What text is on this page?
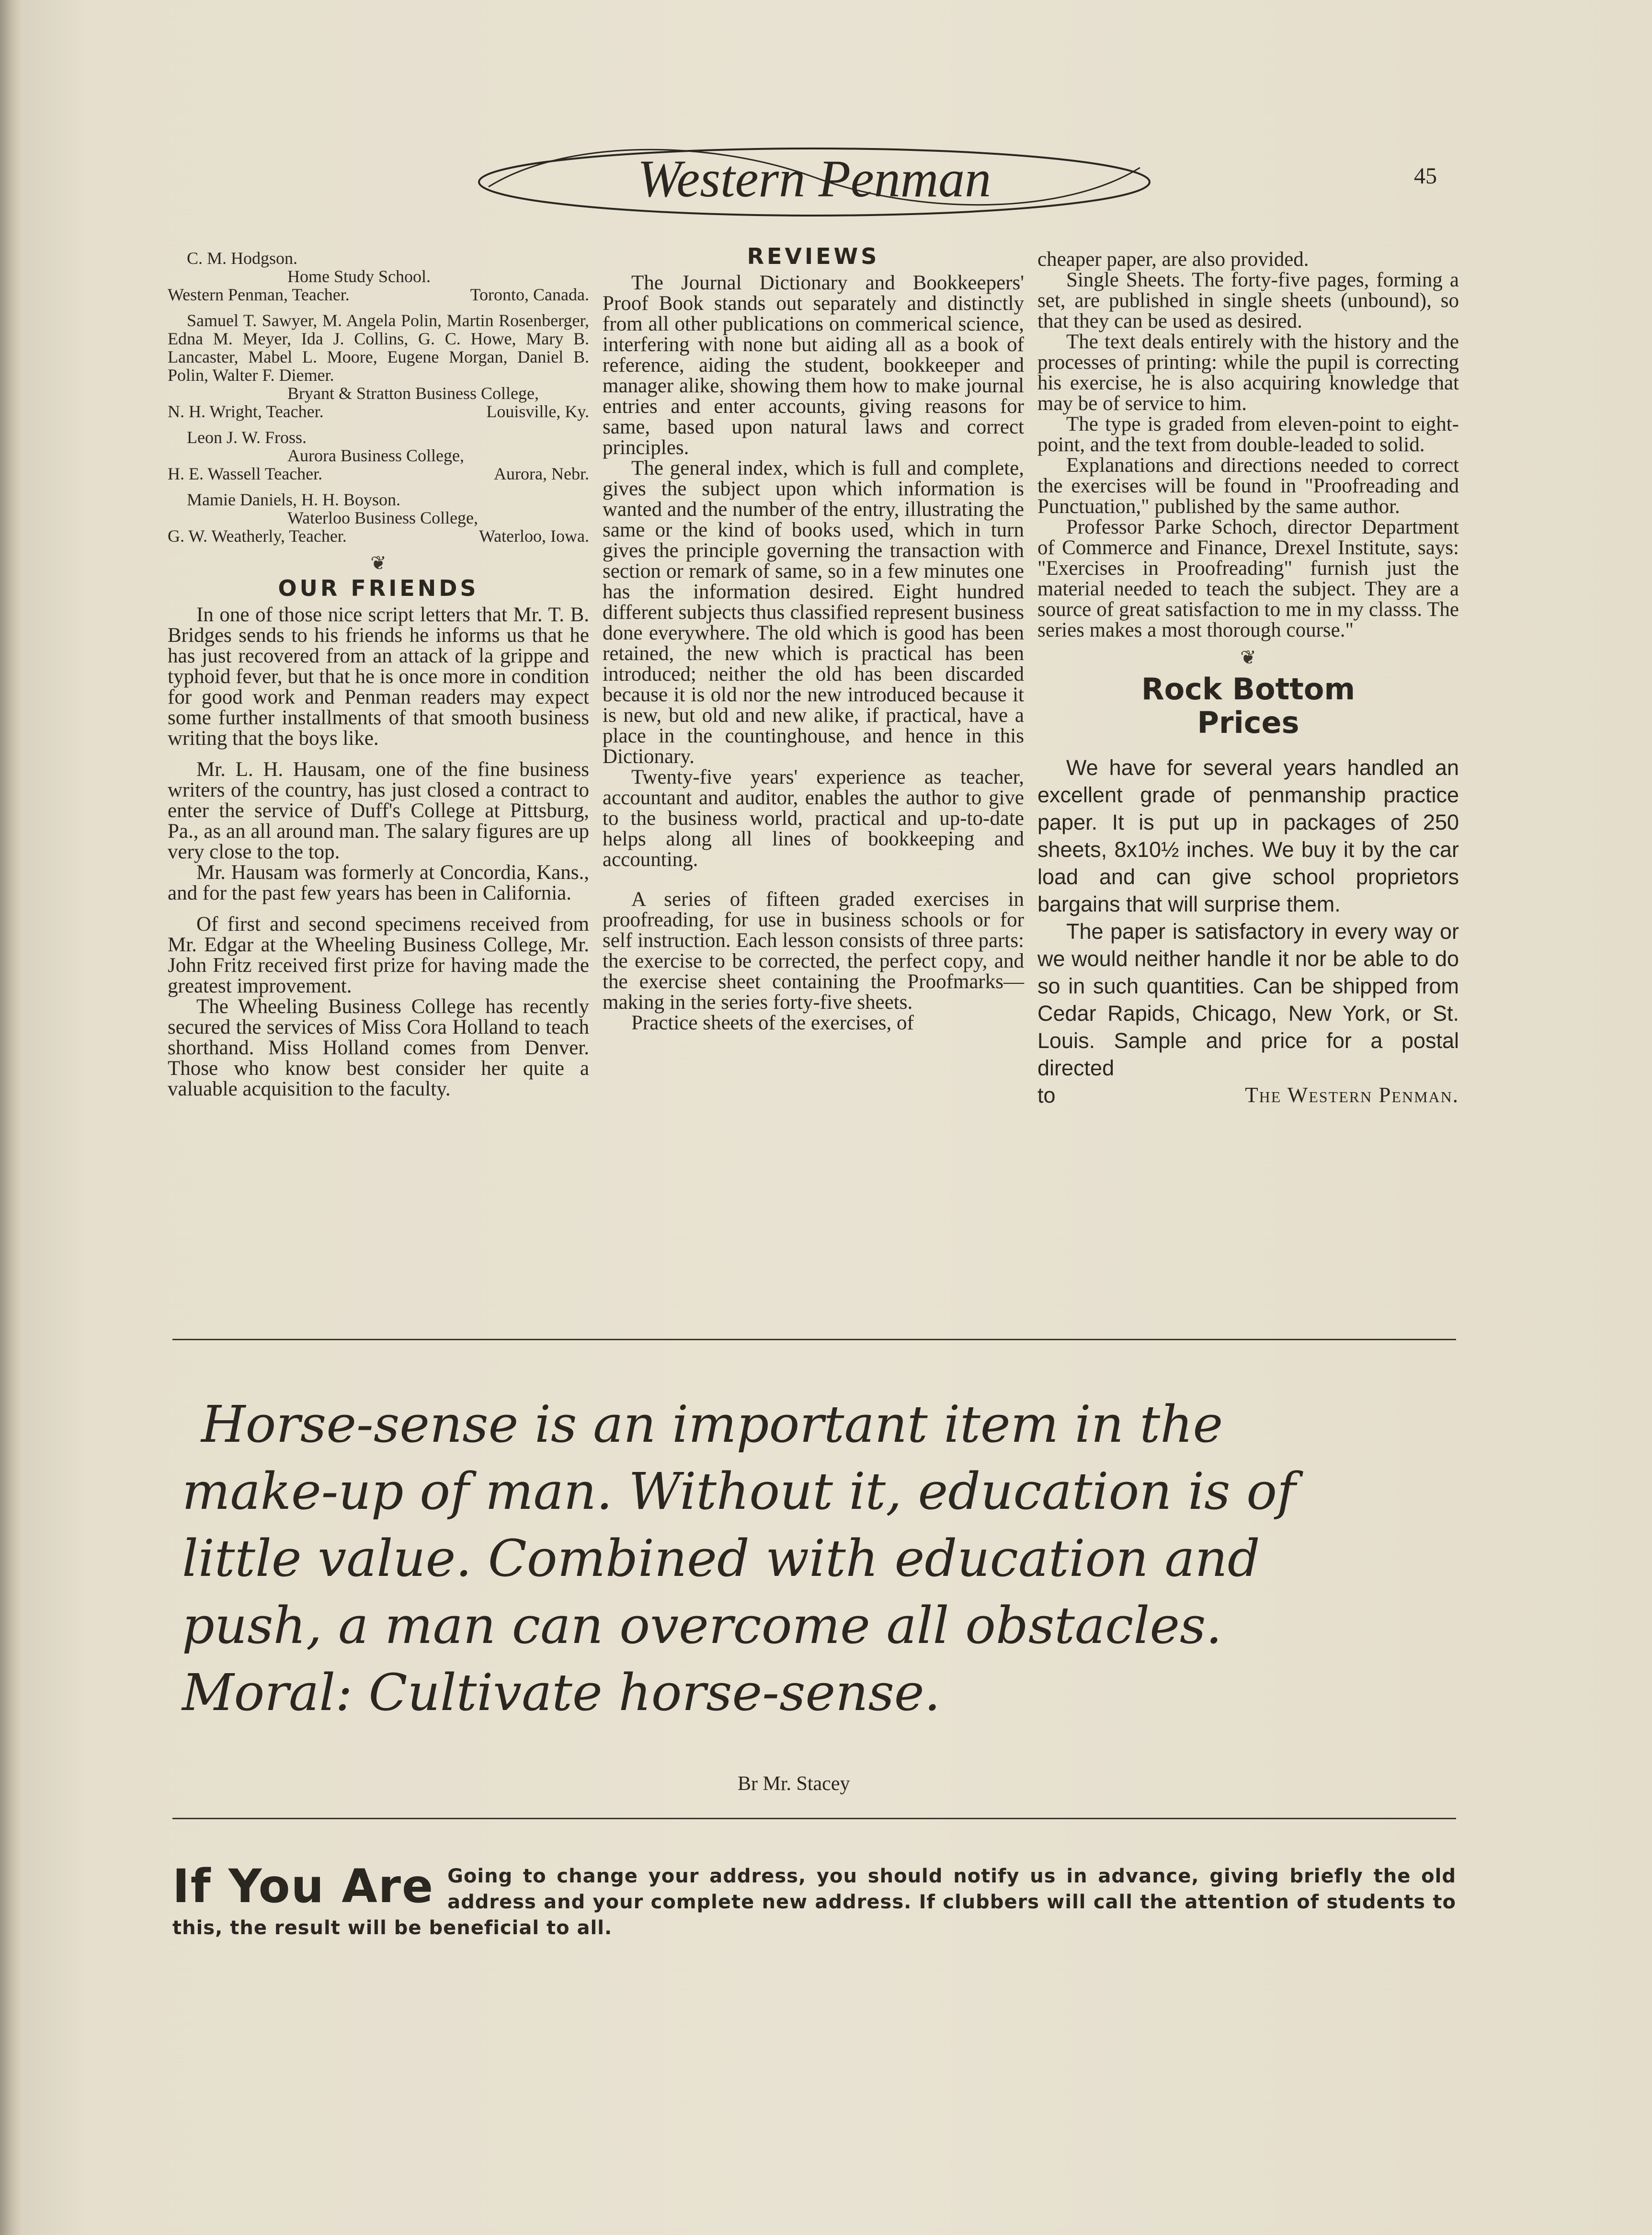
Western Penman	45
C. M. Hodgson.
Home Study School.
Western Penman, Teacher.	Toronto, Canada.
Samuel T. Sawyer, M. Angela Polin, Martin Rosenberger, Edna M. Meyer, Ida J. Collins, G. C. Howe, Mary B. Lancaster, Mabel L. Moore, Eugene Morgan, Daniel B. Polin, Walter F. Diemer.
Bryant & Stratton Business College,
N. H. Wright, Teacher.	Louisville, Ky.
Leon J. W. Fross.
Aurora Business College,
H. E. Wassell Teacher.	Aurora, Nebr.
Mamie Daniels, H. H. Boyson.
Waterloo Business College,
G. W. Weatherly, Teacher.	Waterloo, Iowa.
❦
OUR FRIENDS

In one of those nice script letters that Mr. T. B. Bridges sends to his friends he informs us that he has just recovered from an attack of la grippe and typhoid fever, but that he is once more in condition for good work and Penman readers may expect some further installments of that smooth business writing that the boys like.

Mr. L. H. Hausam, one of the fine business writers of the country, has just closed a contract to enter the service of Duff's College at Pittsburg, Pa., as an all around man. The salary figures are up very close to the top.

Mr. Hausam was formerly at Concordia, Kans., and for the past few years has been in California.

Of first and second specimens received from Mr. Edgar at the Wheeling Business College, Mr. John Fritz received first prize for having made the greatest improvement.

The Wheeling Business College has recently secured the services of Miss Cora Holland to teach shorthand. Miss Holland comes from Denver. Those who know best consider her quite a valuable acquisition to the faculty.

REVIEWS

The Journal Dictionary and Bookkeepers' Proof Book stands out separately and distinctly from all other publications on commerical science, interfering with none but aiding all as a book of reference, aiding the student, bookkeeper and manager alike, showing them how to make journal entries and enter accounts, giving reasons for same, based upon natural laws and correct principles.

The general index, which is full and complete, gives the subject upon which information is wanted and the number of the entry, illustrating the same or the kind of books used, which in turn gives the principle governing the transaction with section or remark of same, so in a few minutes one has the information desired. Eight hundred different subjects thus classified represent business done everywhere. The old which is good has been retained, the new which is practical has been introduced; neither the old has been discarded because it is old nor the new introduced because it is new, but old and new alike, if practical, have a place in the countinghouse, and hence in this Dictionary.

Twenty-five years' experience as teacher, accountant and auditor, enables the author to give to the business world, practical and up-to-date helps along all lines of bookkeeping and accounting.

A series of fifteen graded exercises in proofreading, for use in business schools or for self instruction. Each lesson consists of three parts: the exercise to be corrected, the perfect copy, and the exercise sheet containing the Proofmarks—making in the series forty-five sheets.

Practice sheets of the exercises, of

cheaper paper, are also provided.

Single Sheets. The forty-five pages, forming a set, are published in single sheets (unbound), so that they can be used as desired.

The text deals entirely with the history and the processes of printing: while the pupil is correcting his exercise, he is also acquiring knowledge that may be of service to him.

The type is graded from eleven-point to eight-point, and the text from double-leaded to solid.

Explanations and directions needed to correct the exercises will be found in "Proofreading and Punctuation," published by the same author.

Professor Parke Schoch, director Department of Commerce and Finance, Drexel Institute, says: "Exercises in Proofreading" furnish just the material needed to teach the subject. They are a source of great satisfaction to me in my classs. The series makes a most thorough course."

❦
Rock Bottom
Prices

We have for several years handled an excellent grade of penmanship practice paper. It is put up in packages of 250 sheets, 8x10½ inches. We buy it by the car load and can give school proprietors bargains that will surprise them.

The paper is satisfactory in every way or we would neither handle it nor be able to do so in such quantities. Can be shipped from Cedar Rapids, Chicago, New York, or St. Louis. Sample and price for a postal directed

to	The Western Penman.
Horse-sense is an important item in the
make-up of man. Without it, education is of
little value. Combined with education and
push, a man can overcome all obstacles.
Moral: Cultivate horse-sense.
Br Mr. Stacey
If You Are Going to change your address, you should notify us in advance, giving briefly the old address and your complete new address. If clubbers will call the attention of students to this, the result will be beneficial to all.
